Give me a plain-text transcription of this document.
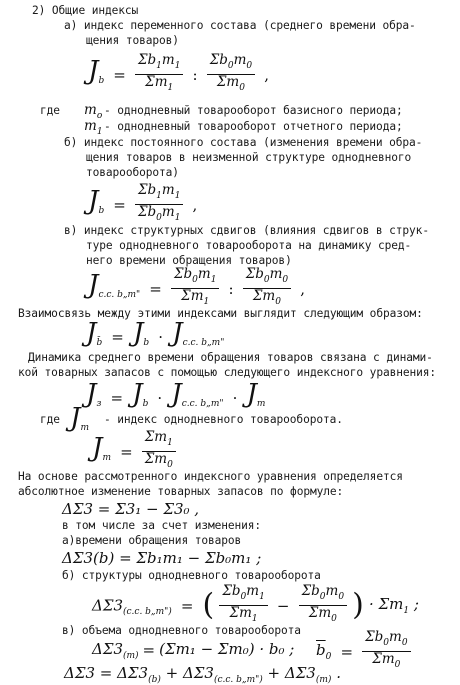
2) Общие индексы
а) индекс переменного состава (среднего времени обра-
щения товаров)
$J_b = \frac{\Sigma b_1m_1}{\Sigma m_1}$ : $\frac{\Sigma b_0m_0}{\Sigma m_0}$ ,
где $m_o$ - однодневный товарооборот базисного периода;
$m_1$ - однодневный товарооборот отчетного периода;
б) индекс постоянного состава (изменения времени обра-
щения товаров в неизменной структуре однодневного
товарооборота)
$J_b = \frac{\Sigma b_1m_1}{\Sigma b_0m_1}$ ,
в) индекс структурных сдвигов (влияния сдвигов в струк-
туре однодневного товарооборота на динамику сред-
него времени обращения товаров)
$J_{c.c. b„m"} = \frac{\Sigma b_0m_1}{\Sigma m_1}$ : $\frac{\Sigma b_0m_0}{\Sigma m_0}$ ,
Взаимосвязь между этими индексами выглядит следующим образом:
$J_{b̄} = J_b \cdot J_{c.c. b„m"}$
Динамика среднего времени обращения товаров связана с динами-
кой товарных запасов с помощью следующего индексного уравнения:
$J_з = J_b \cdot J_{c.c. b„m"} \cdot J_m$
где $J_m$
- индекс однодневного товарооборота.
$J_m = \frac{\Sigma m_1}{\Sigma m_0}$
На основе рассмотренного индексного уравнения определяется
абсолютное изменение товарных запасов по формуле:
ΔΣ3 = Σ3₁ − Σ3₀ ,
в том числе за счет изменения:
а)времени обращения товаров
ΔΣ3(b) = Σb₁m₁ − Σb₀m₁ ;
б) структуры однодневного товарооборота
$\Delta\Sigma 3_{(c.c. b„m")}$ = ( $\frac{\Sigma b_0m_1}{\Sigma m_1} - \frac{\Sigma b_0m_0}{\Sigma m_0}$ ) · $\Sigma m_1$ ;
в) объема однодневного товарооборота
$\Delta\Sigma 3_{(m)} = (\Sigma m_1 - \Sigma m_0) \cdot b_0$ ; $\overline{b}_0 = \frac{\Sigma b_0m_0}{\Sigma m_0}$
$\Delta\Sigma 3 = \Delta\Sigma 3_{(b)} + \Delta\Sigma 3_{(c.c. b„m")} + \Delta\Sigma 3_{(m)}$ .
